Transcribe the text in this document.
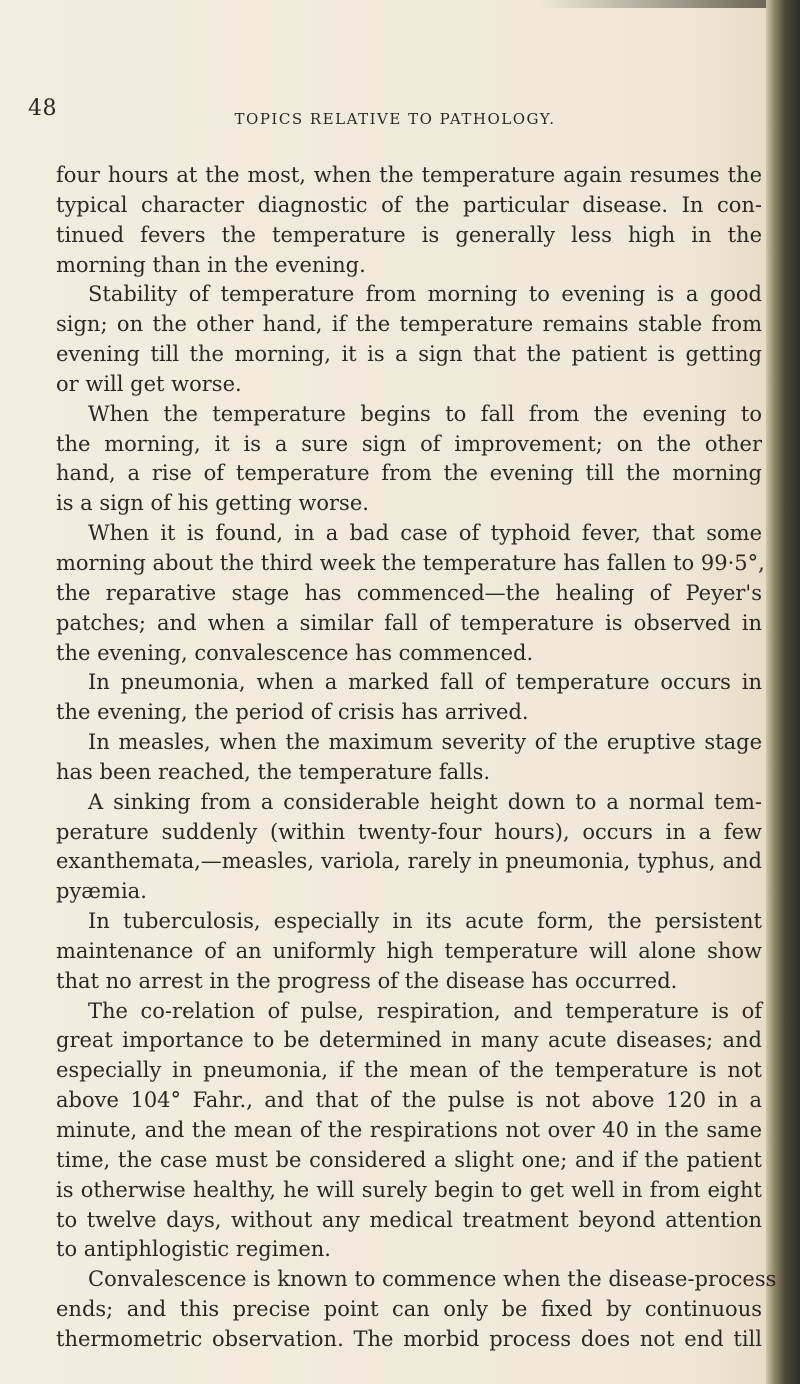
48	TOPICS RELATIVE TO PATHOLOGY.
four hours at the most, when the temperature again resumes the
typical character diagnostic of the particular disease. In con-
tinued fevers the temperature is generally less high in the
morning than in the evening.
Stability of temperature from morning to evening is a good
sign; on the other hand, if the temperature remains stable from
evening till the morning, it is a sign that the patient is getting
or will get worse.
When the temperature begins to fall from the evening to
the morning, it is a sure sign of improvement; on the other
hand, a rise of temperature from the evening till the morning
is a sign of his getting worse.
When it is found, in a bad case of typhoid fever, that some
morning about the third week the temperature has fallen to 99·5°,
the reparative stage has commenced—the healing of Peyer's
patches; and when a similar fall of temperature is observed in
the evening, convalescence has commenced.
In pneumonia, when a marked fall of temperature occurs in
the evening, the period of crisis has arrived.
In measles, when the maximum severity of the eruptive stage
has been reached, the temperature falls.
A sinking from a considerable height down to a normal tem-
perature suddenly (within twenty-four hours), occurs in a few
exanthemata,—measles, variola, rarely in pneumonia, typhus, and
pyæmia.
In tuberculosis, especially in its acute form, the persistent
maintenance of an uniformly high temperature will alone show
that no arrest in the progress of the disease has occurred.
The co-relation of pulse, respiration, and temperature is of
great importance to be determined in many acute diseases; and
especially in pneumonia, if the mean of the temperature is not
above 104° Fahr., and that of the pulse is not above 120 in a
minute, and the mean of the respirations not over 40 in the same
time, the case must be considered a slight one; and if the patient
is otherwise healthy, he will surely begin to get well in from eight
to twelve days, without any medical treatment beyond attention
to antiphlogistic regimen.
Convalescence is known to commence when the disease-process
ends; and this precise point can only be fixed by continuous
thermometric observation. The morbid process does not end till
